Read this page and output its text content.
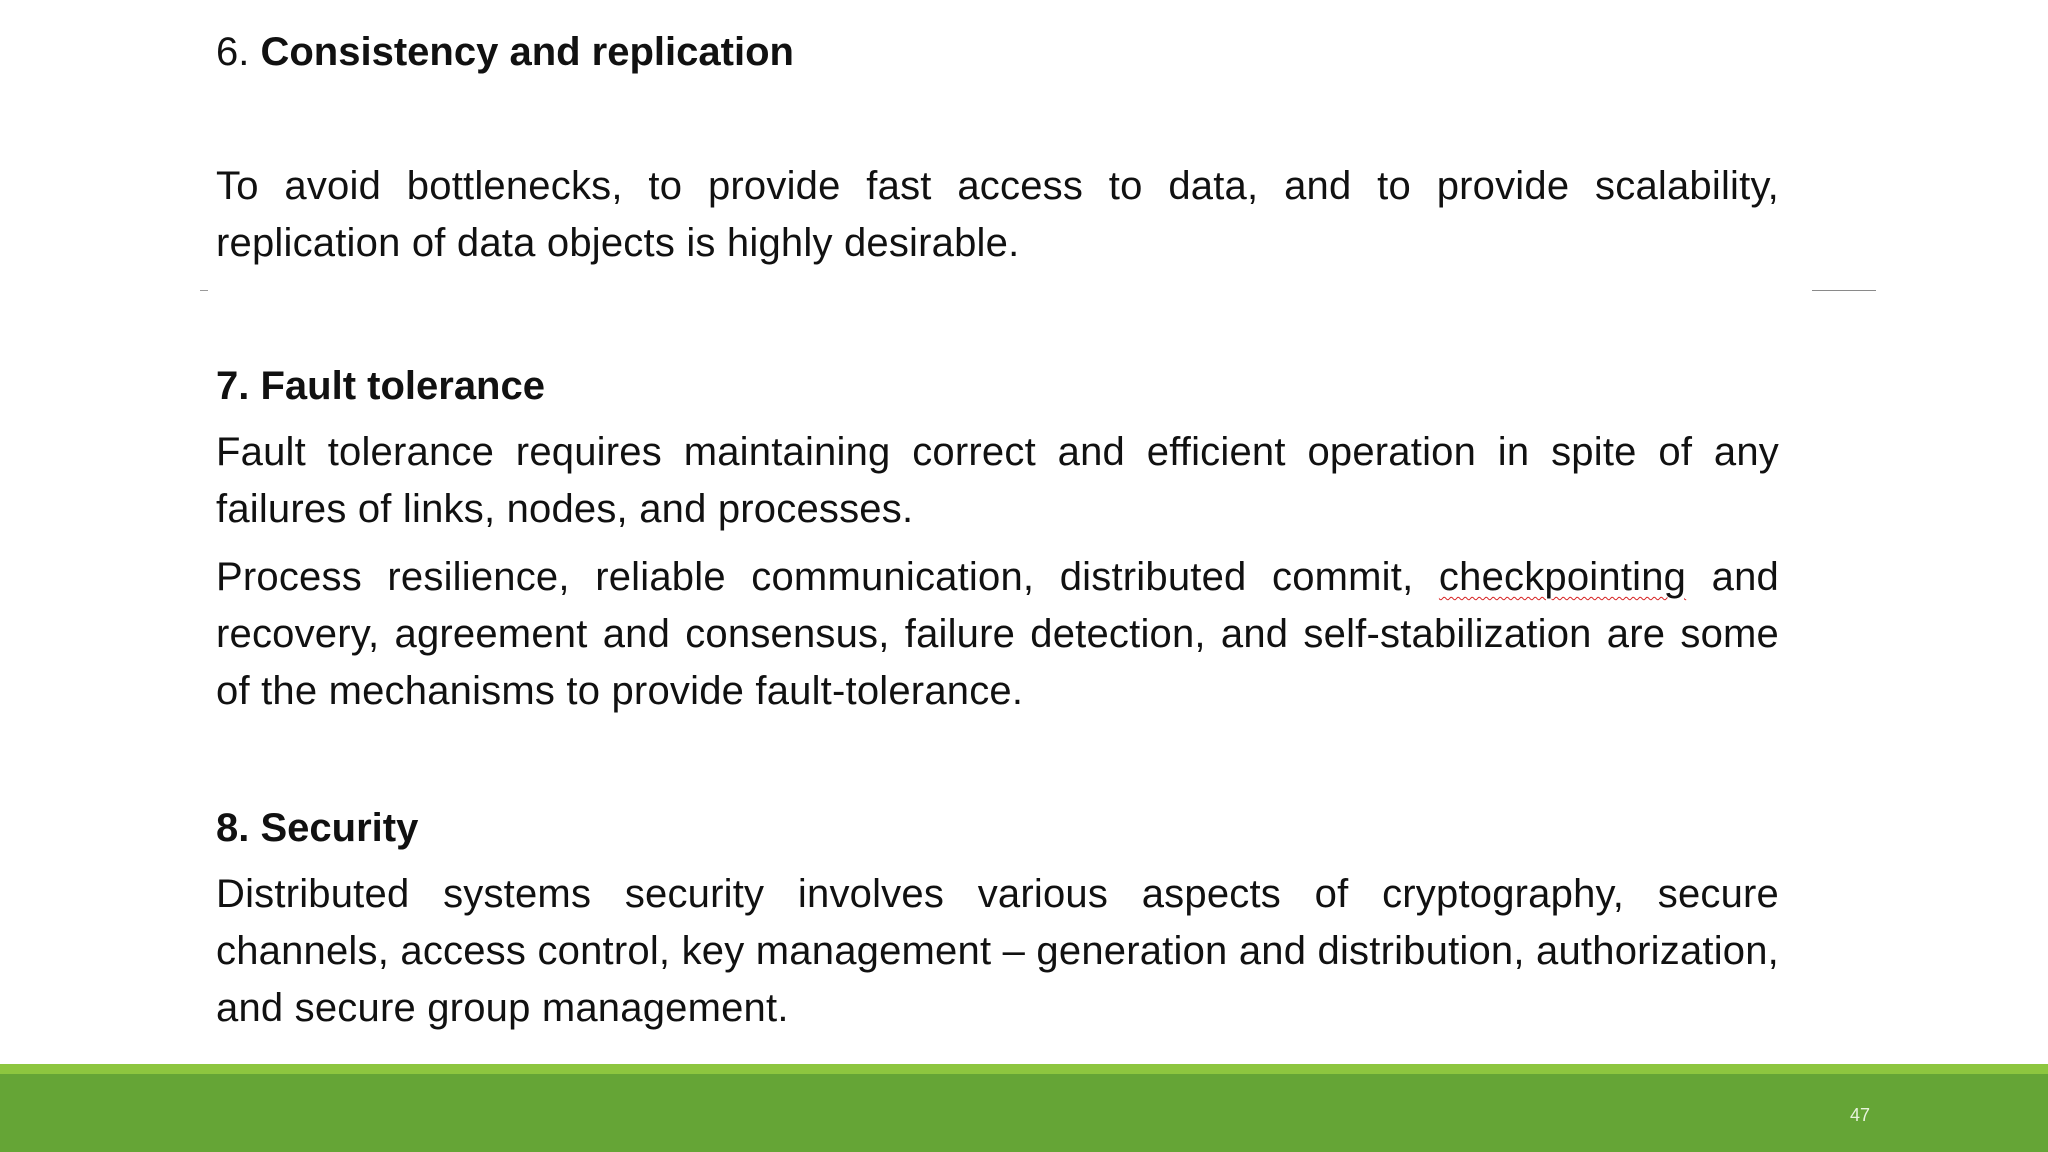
6. Consistency and replication

To avoid bottlenecks, to provide fast access to data, and to provide scalability, replication of data objects is highly desirable.

7. Fault tolerance

Fault tolerance requires maintaining correct and efficient operation in spite of any failures of links, nodes, and processes.

Process resilience, reliable communication, distributed commit, checkpointing and recovery, agreement and consensus, failure detection, and self-stabilization are some of the mechanisms to provide fault-tolerance.

8. Security

Distributed systems security involves various aspects of cryptography, secure channels, access control, key management – generation and distribution, authorization, and secure group management.

47
